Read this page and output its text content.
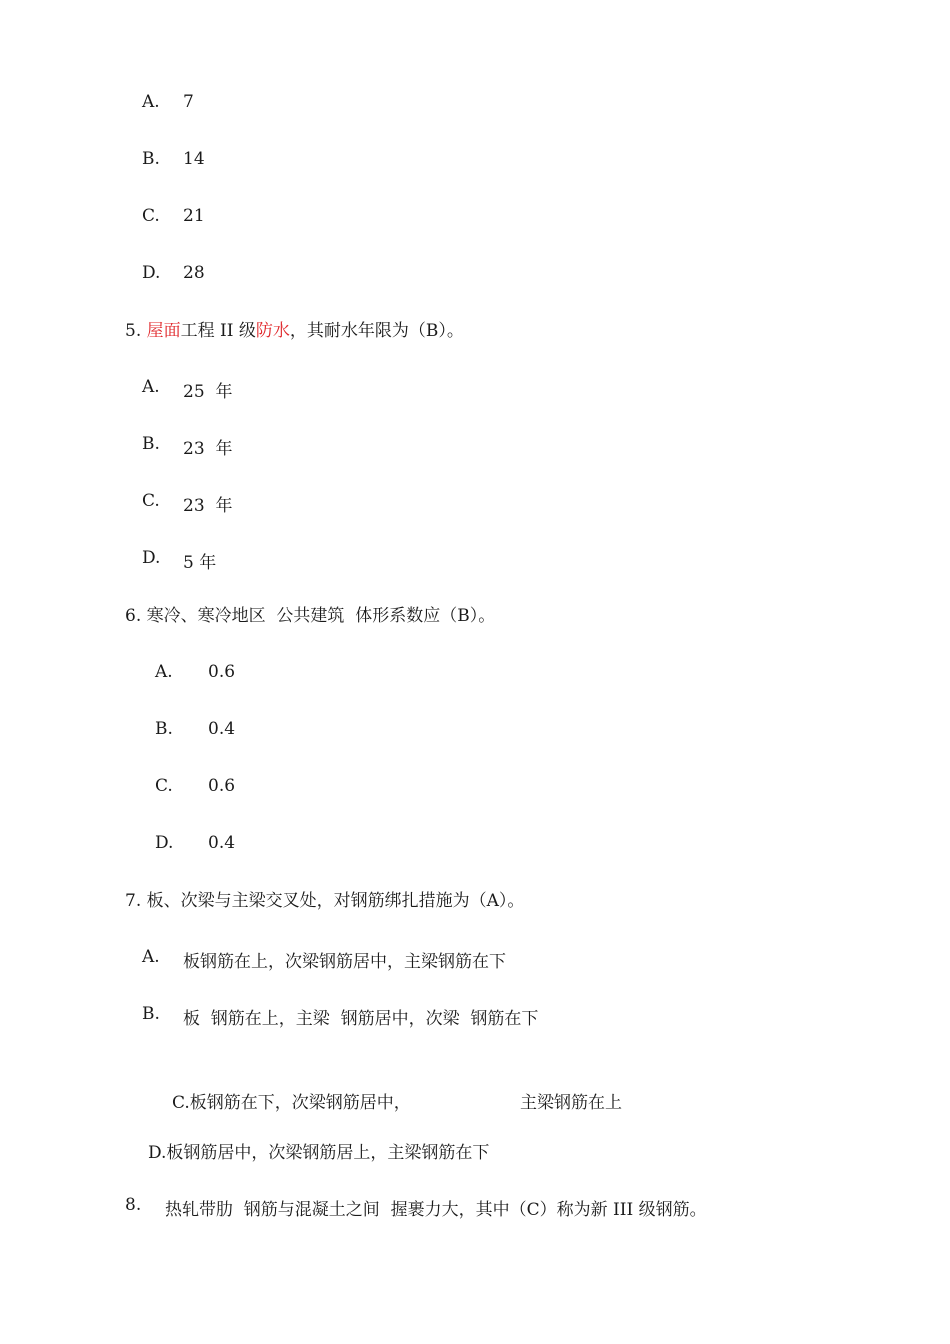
A. 7
B. 14
C. 21
D. 28
5. 屋面工程 II 级防水，其耐水年限为（B）。
A. 25  年
B. 23  年
C. 23  年
D. 5 年
6. 寒冷、寒冷地区  公共建筑  体形系数应（B）。
A. 0.6
B. 0.4
C. 0.6
D. 0.4
7. 板、次梁与主梁交叉处，对钢筋绑扎措施为（A）。
A. 板钢筋在上，次梁钢筋居中，主梁钢筋在下
B. 板  钢筋在上，主梁  钢筋居中，次梁  钢筋在下
C.板钢筋在下，次梁钢筋居中，	主梁钢筋在上
D.板钢筋居中，次梁钢筋居上，主梁钢筋在下
8. 热轧带肋  钢筋与混凝土之间  握裹力大，其中（C）称为新 III 级钢筋。
